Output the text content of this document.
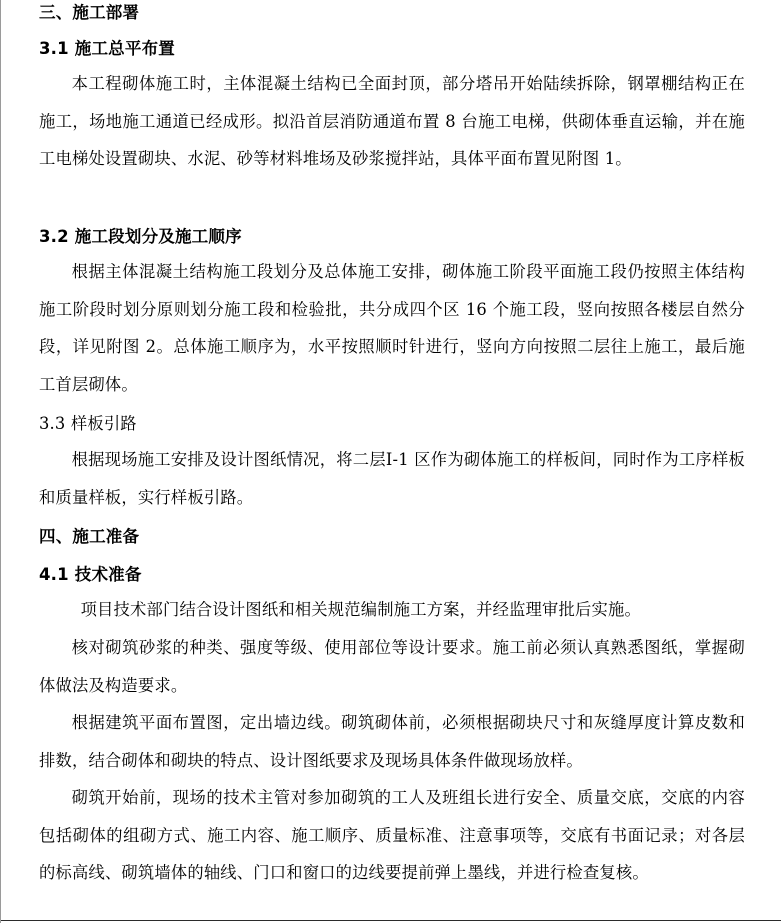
三、施工部署
3.1 施工总平布置

本工程砌体施工时，主体混凝土结构已全面封顶，部分塔吊开始陆续拆除，钢罩棚结构正在施工，场地施工通道已经成形。拟沿首层消防通道布置 8 台施工电梯，供砌体垂直运输，并在施工电梯处设置砌块、水泥、砂等材料堆场及砂浆搅拌站，具体平面布置见附图 1。

3.2 施工段划分及施工顺序

根据主体混凝土结构施工段划分及总体施工安排，砌体施工阶段平面施工段仍按照主体结构施工阶段时划分原则划分施工段和检验批，共分成四个区 16 个施工段，竖向按照各楼层自然分段，详见附图 2。总体施工顺序为，水平按照顺时针进行，竖向方向按照二层往上施工，最后施工首层砌体。

3.3 样板引路

根据现场施工安排及设计图纸情况，将二层Ⅰ-1 区作为砌体施工的样板间，同时作为工序样板和质量样板，实行样板引路。

四、施工准备
4.1 技术准备

项目技术部门结合设计图纸和相关规范编制施工方案，并经监理审批后实施。

核对砌筑砂浆的种类、强度等级、使用部位等设计要求。施工前必须认真熟悉图纸，掌握砌体做法及构造要求。

根据建筑平面布置图，定出墙边线。砌筑砌体前，必须根据砌块尺寸和灰缝厚度计算皮数和排数，结合砌体和砌块的特点、设计图纸要求及现场具体条件做现场放样。

砌筑开始前，现场的技术主管对参加砌筑的工人及班组长进行安全、质量交底，交底的内容包括砌体的组砌方式、施工内容、施工顺序、质量标准、注意事项等，交底有书面记录；对各层的标高线、砌筑墙体的轴线、门口和窗口的边线要提前弹上墨线，并进行检查复核。
